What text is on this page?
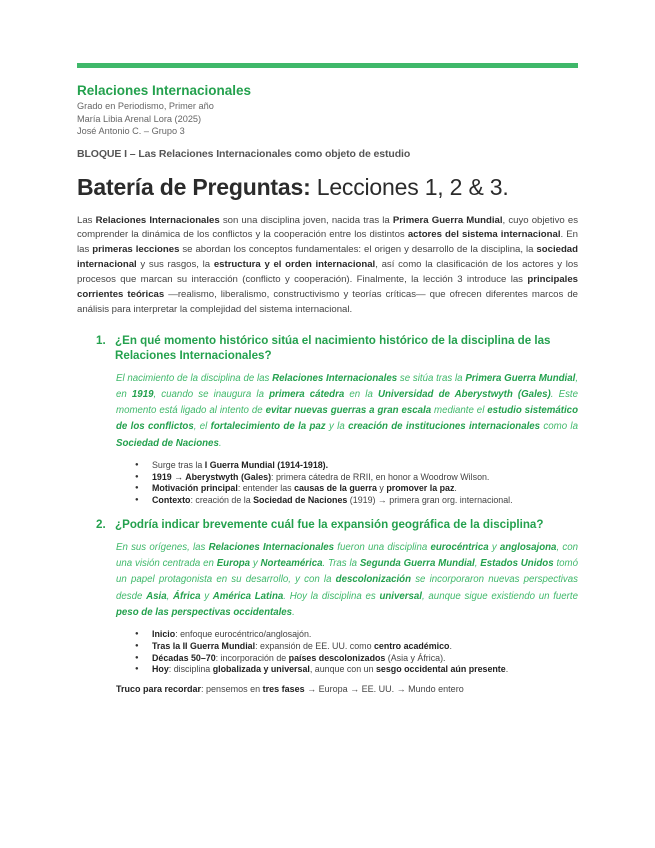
Relaciones Internacionales
Grado en Periodismo, Primer año
María Libia Arenal Lora (2025)
José Antonio C. – Grupo 3
BLOQUE I – Las Relaciones Internacionales como objeto de estudio
Batería de Preguntas: Lecciones 1, 2 & 3.

Las Relaciones Internacionales son una disciplina joven, nacida tras la Primera Guerra Mundial, cuyo objetivo es comprender la dinámica de los conflictos y la cooperación entre los distintos actores del sistema internacional. En las primeras lecciones se abordan los conceptos fundamentales: el origen y desarrollo de la disciplina, la sociedad internacional y sus rasgos, la estructura y el orden internacional, así como la clasificación de los actores y los procesos que marcan su interacción (conflicto y cooperación). Finalmente, la lección 3 introduce las principales corrientes teóricas —realismo, liberalismo, constructivismo y teorías críticas— que ofrecen diferentes marcos de análisis para interpretar la complejidad del sistema internacional.

1. ¿En qué momento histórico sitúa el nacimiento histórico de la disciplina de las Relaciones Internacionales?

El nacimiento de la disciplina de las Relaciones Internacionales se sitúa tras la Primera Guerra Mundial, en 1919, cuando se inaugura la primera cátedra en la Universidad de Aberystwyth (Gales). Este momento está ligado al intento de evitar nuevas guerras a gran escala mediante el estudio sistemático de los conflictos, el fortalecimiento de la paz y la creación de instituciones internacionales como la Sociedad de Naciones.

● Surge tras la I Guerra Mundial (1914-1918).
● 1919 → Aberystwyth (Gales): primera cátedra de RRII, en honor a Woodrow Wilson.
● Motivación principal: entender las causas de la guerra y promover la paz.
● Contexto: creación de la Sociedad de Naciones (1919) → primera gran org. internacional.
2. ¿Podría indicar brevemente cuál fue la expansión geográfica de la disciplina?

En sus orígenes, las Relaciones Internacionales fueron una disciplina eurocéntrica y anglosajona, con una visión centrada en Europa y Norteamérica. Tras la Segunda Guerra Mundial, Estados Unidos tomó un papel protagonista en su desarrollo, y con la descolonización se incorporaron nuevas perspectivas desde Asia, África y América Latina. Hoy la disciplina es universal, aunque sigue existiendo un fuerte peso de las perspectivas occidentales.

● Inicio: enfoque eurocéntrico/anglosajón.
● Tras la II Guerra Mundial: expansión de EE. UU. como centro académico.
● Décadas 50–70: incorporación de países descolonizados (Asia y África).
● Hoy: disciplina globalizada y universal, aunque con un sesgo occidental aún presente.
Truco para recordar: pensemos en tres fases → Europa → EE. UU. → Mundo entero
